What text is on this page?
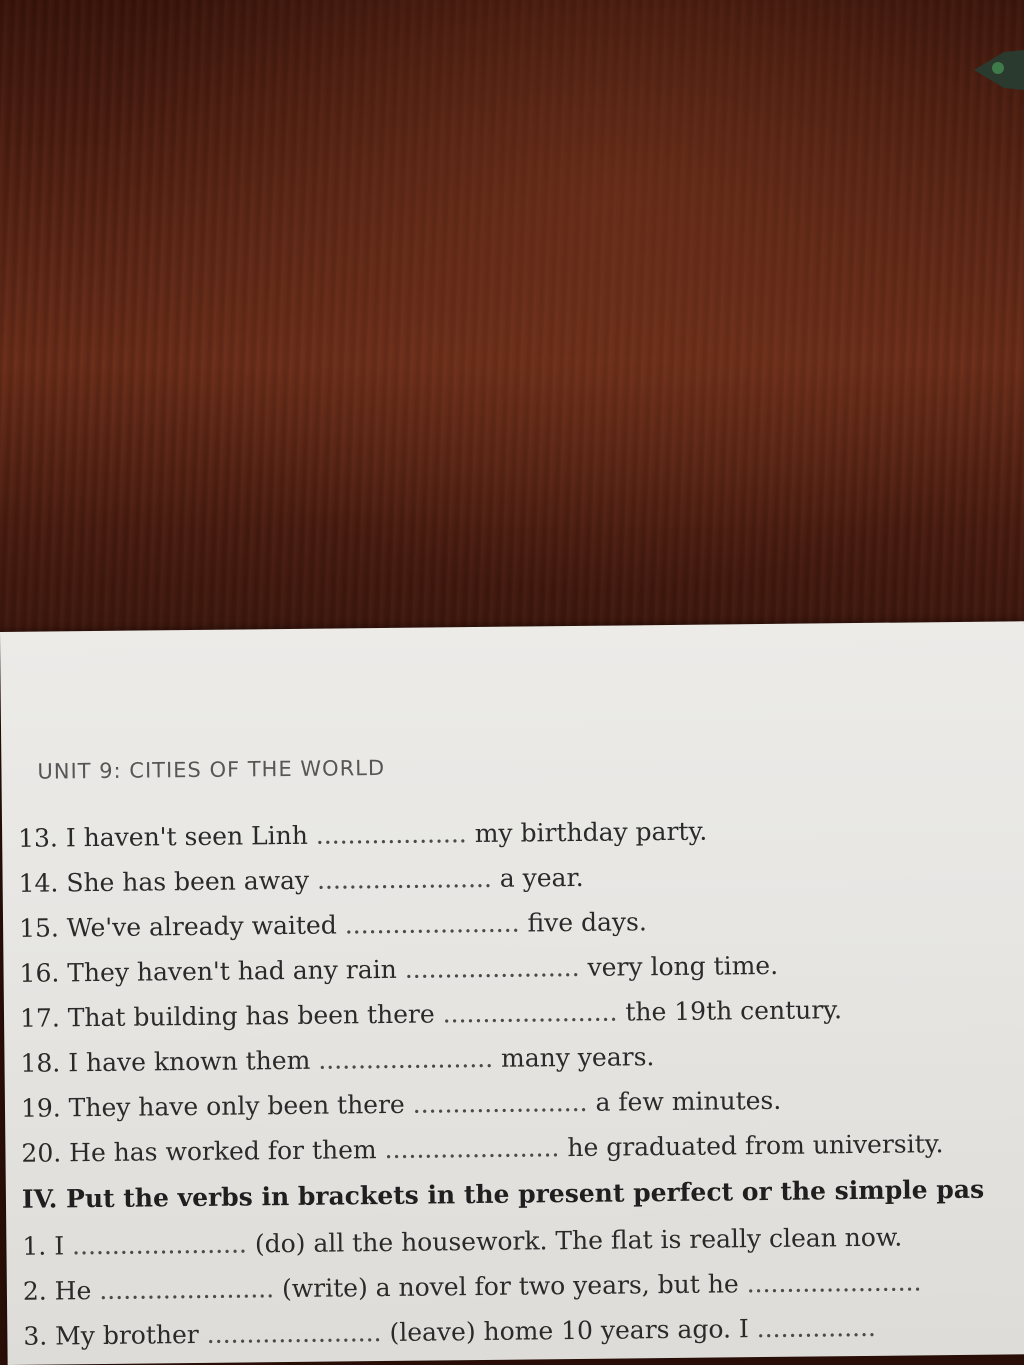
UNIT 9: CITIES OF THE WORLD
13. I haven't seen Linh ................... my birthday party.
14. She has been away ...................... a year.
15. We've already waited ...................... five days.
16. They haven't had any rain ...................... very long time.
17. That building has been there ...................... the 19th century.
18. I have known them ...................... many years.
19. They have only been there ...................... a few minutes.
20. He has worked for them ...................... he graduated from university.
IV. Put the verbs in brackets in the present perfect or the simple pas
1. I ...................... (do) all the housework. The flat is really clean now.
2. He ...................... (write) a novel for two years, but he ......................
3. My brother ...................... (leave) home 10 years ago. I ...............
